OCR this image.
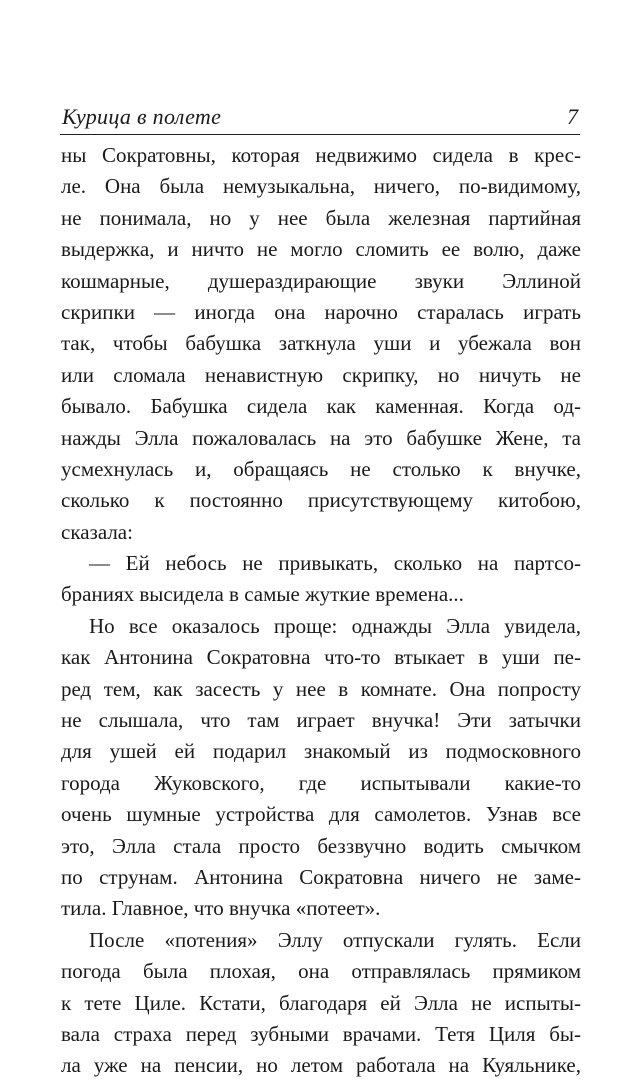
Курица в полете	7
ны Сократовны, которая недвижимо сидела в крес-
ле. Она была немузыкальна, ничего, по-видимому,
не понимала, но у нее была железная партийная
выдержка, и ничто не могло сломить ее волю, даже
кошмарные, душераздирающие звуки Эллиной
скрипки — иногда она нарочно старалась играть
так, чтобы бабушка заткнула уши и убежала вон
или сломала ненавистную скрипку, но ничуть не
бывало. Бабушка сидела как каменная. Когда од-
нажды Элла пожаловалась на это бабушке Жене, та
усмехнулась и, обращаясь не столько к внучке,
сколько к постоянно присутствующему китобою,
сказала:
— Ей небось не привыкать, сколько на партсо-
браниях высидела в самые жуткие времена...
Но все оказалось проще: однажды Элла увидела,
как Антонина Сократовна что-то втыкает в уши пе-
ред тем, как засесть у нее в комнате. Она попросту
не слышала, что там играет внучка! Эти затычки
для ушей ей подарил знакомый из подмосковного
города Жуковского, где испытывали какие-то
очень шумные устройства для самолетов. Узнав все
это, Элла стала просто беззвучно водить смычком
по струнам. Антонина Сократовна ничего не заме-
тила. Главное, что внучка «потеет».
После «потения» Эллу отпускали гулять. Если
погода была плохая, она отправлялась прямиком
к тете Циле. Кстати, благодаря ей Элла не испыты-
вала страха перед зубными врачами. Тетя Циля бы-
ла уже на пенсии, но летом работала на Куяльнике,
